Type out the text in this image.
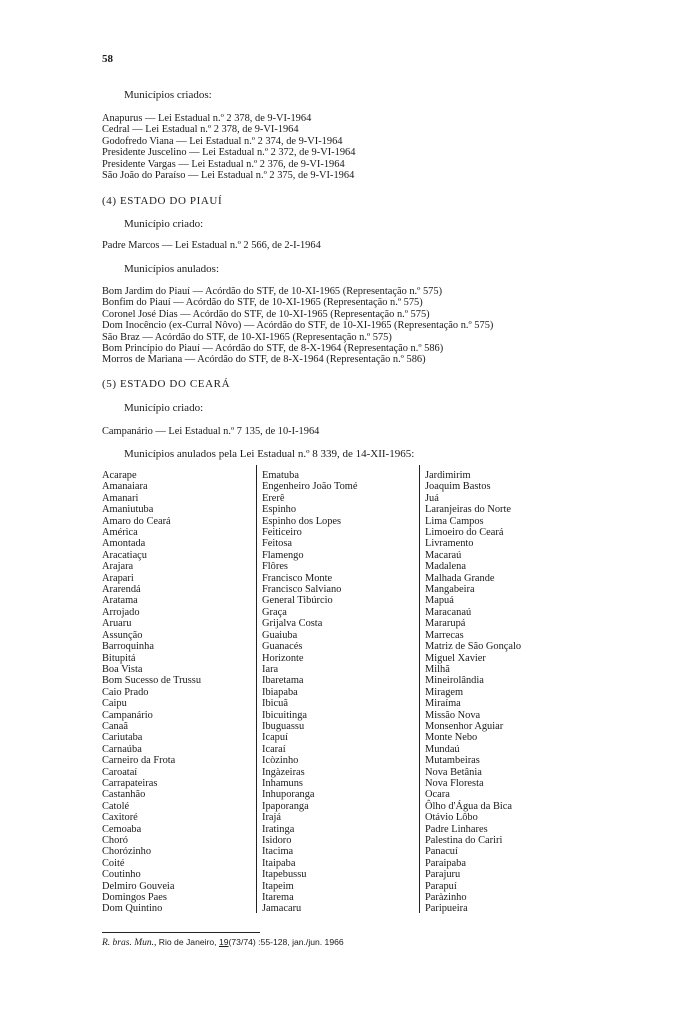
58
Municípios criados:
Anapurus — Lei Estadual n.º 2 378, de 9-VI-1964
Cedral — Lei Estadual n.º 2 378, de 9-VI-1964
Godofredo Viana — Lei Estadual n.º 2 374, de 9-VI-1964
Presidente Juscelino — Lei Estadual n.º 2 372, de 9-VI-1964
Presidente Vargas — Lei Estadual n.º 2 376, de 9-VI-1964
São João do Paraíso — Lei Estadual n.º 2 375, de 9-VI-1964
(4) ESTADO DO PIAUÍ
Município criado:
Padre Marcos — Lei Estadual n.º 2 566, de 2-I-1964
Municípios anulados:
Bom Jardim do Piauí — Acórdão do STF, de 10-XI-1965 (Representação n.º 575)
Bonfim do Piauí — Acórdão do STF, de 10-XI-1965 (Representação n.º 575)
Coronel José Dias — Acórdão do STF, de 10-XI-1965 (Representação n.º 575)
Dom Inocêncio (ex-Curral Nôvo) — Acórdão do STF, de 10-XI-1965 (Representação n.º 575)
São Braz — Acórdão do STF, de 10-XI-1965 (Representação n.º 575)
Bom Princípio do Piauí — Acórdão do STF, de 8-X-1964 (Representação n.º 586)
Morros de Mariana — Acórdão do STF, de 8-X-1964 (Representação n.º 586)
(5) ESTADO DO CEARÁ
Município criado:
Campanário — Lei Estadual n.º 7 135, de 10-I-1964
Municípios anulados pela Lei Estadual n.º 8 339, de 14-XII-1965:
Acarape
Amanaiara
Amanari
Amaniutuba
Amaro do Ceará
América
Amontada
Aracatiaçu
Arajara
Arapari
Ararendá
Aratama
Arrojado
Aruaru
Assunção
Barroquinha
Bitupitá
Boa Vista
Bom Sucesso de Trussu
Caio Prado
Caipu
Campanário
Canaã
Cariutaba
Carnaúba
Carneiro da Frota
Caroataí
Carrapateiras
Castanhão
Catolé
Caxitoré
Cemoaba
Choró
Chorózinho
Coité
Coutinho
Delmiro Gouveia
Domingos Paes
Dom Quintino
Ematuba
Engenheiro João Tomé
Ererê
Espinho
Espinho dos Lopes
Feiticeiro
Feitosa
Flamengo
Flôres
Francisco Monte
Francisco Salviano
General Tibúrcio
Graça
Grijalva Costa
Guaiuba
Guanacés
Horizonte
Iara
Ibaretama
Ibiapaba
Ibicuã
Ibicuitinga
Ibuguassu
Icapuí
Icaraí
Icòzinho
Ingàzeiras
Inhamuns
Inhuporanga
Ipaporanga
Irajá
Iratinga
Isidoro
Itacima
Itaipaba
Itapebussu
Itapeim
Itarema
Jamacaru
Jardimirim
Joaquim Bastos
Juá
Laranjeiras do Norte
Lima Campos
Limoeiro do Ceará
Livramento
Macaraú
Madalena
Malhada Grande
Mangabeira
Mapuá
Maracanaú
Mararupá
Marrecas
Matriz de São Gonçalo
Miguel Xavier
Milhã
Mineirolândia
Miragem
Miraíma
Missão Nova
Monsenhor Aguiar
Monte Nebo
Mundaú
Mutambeiras
Nova Betânia
Nova Floresta
Ocara
Ôlho d'Água da Bica
Otávio Lôbo
Padre Linhares
Palestina do Cariri
Panacuí
Paraipaba
Parajuru
Parapuí
Paràzinho
Paripueira
R. bras. Mun., Rio de Janeiro, 19(73/74) :55-128, jan./jun. 1966
